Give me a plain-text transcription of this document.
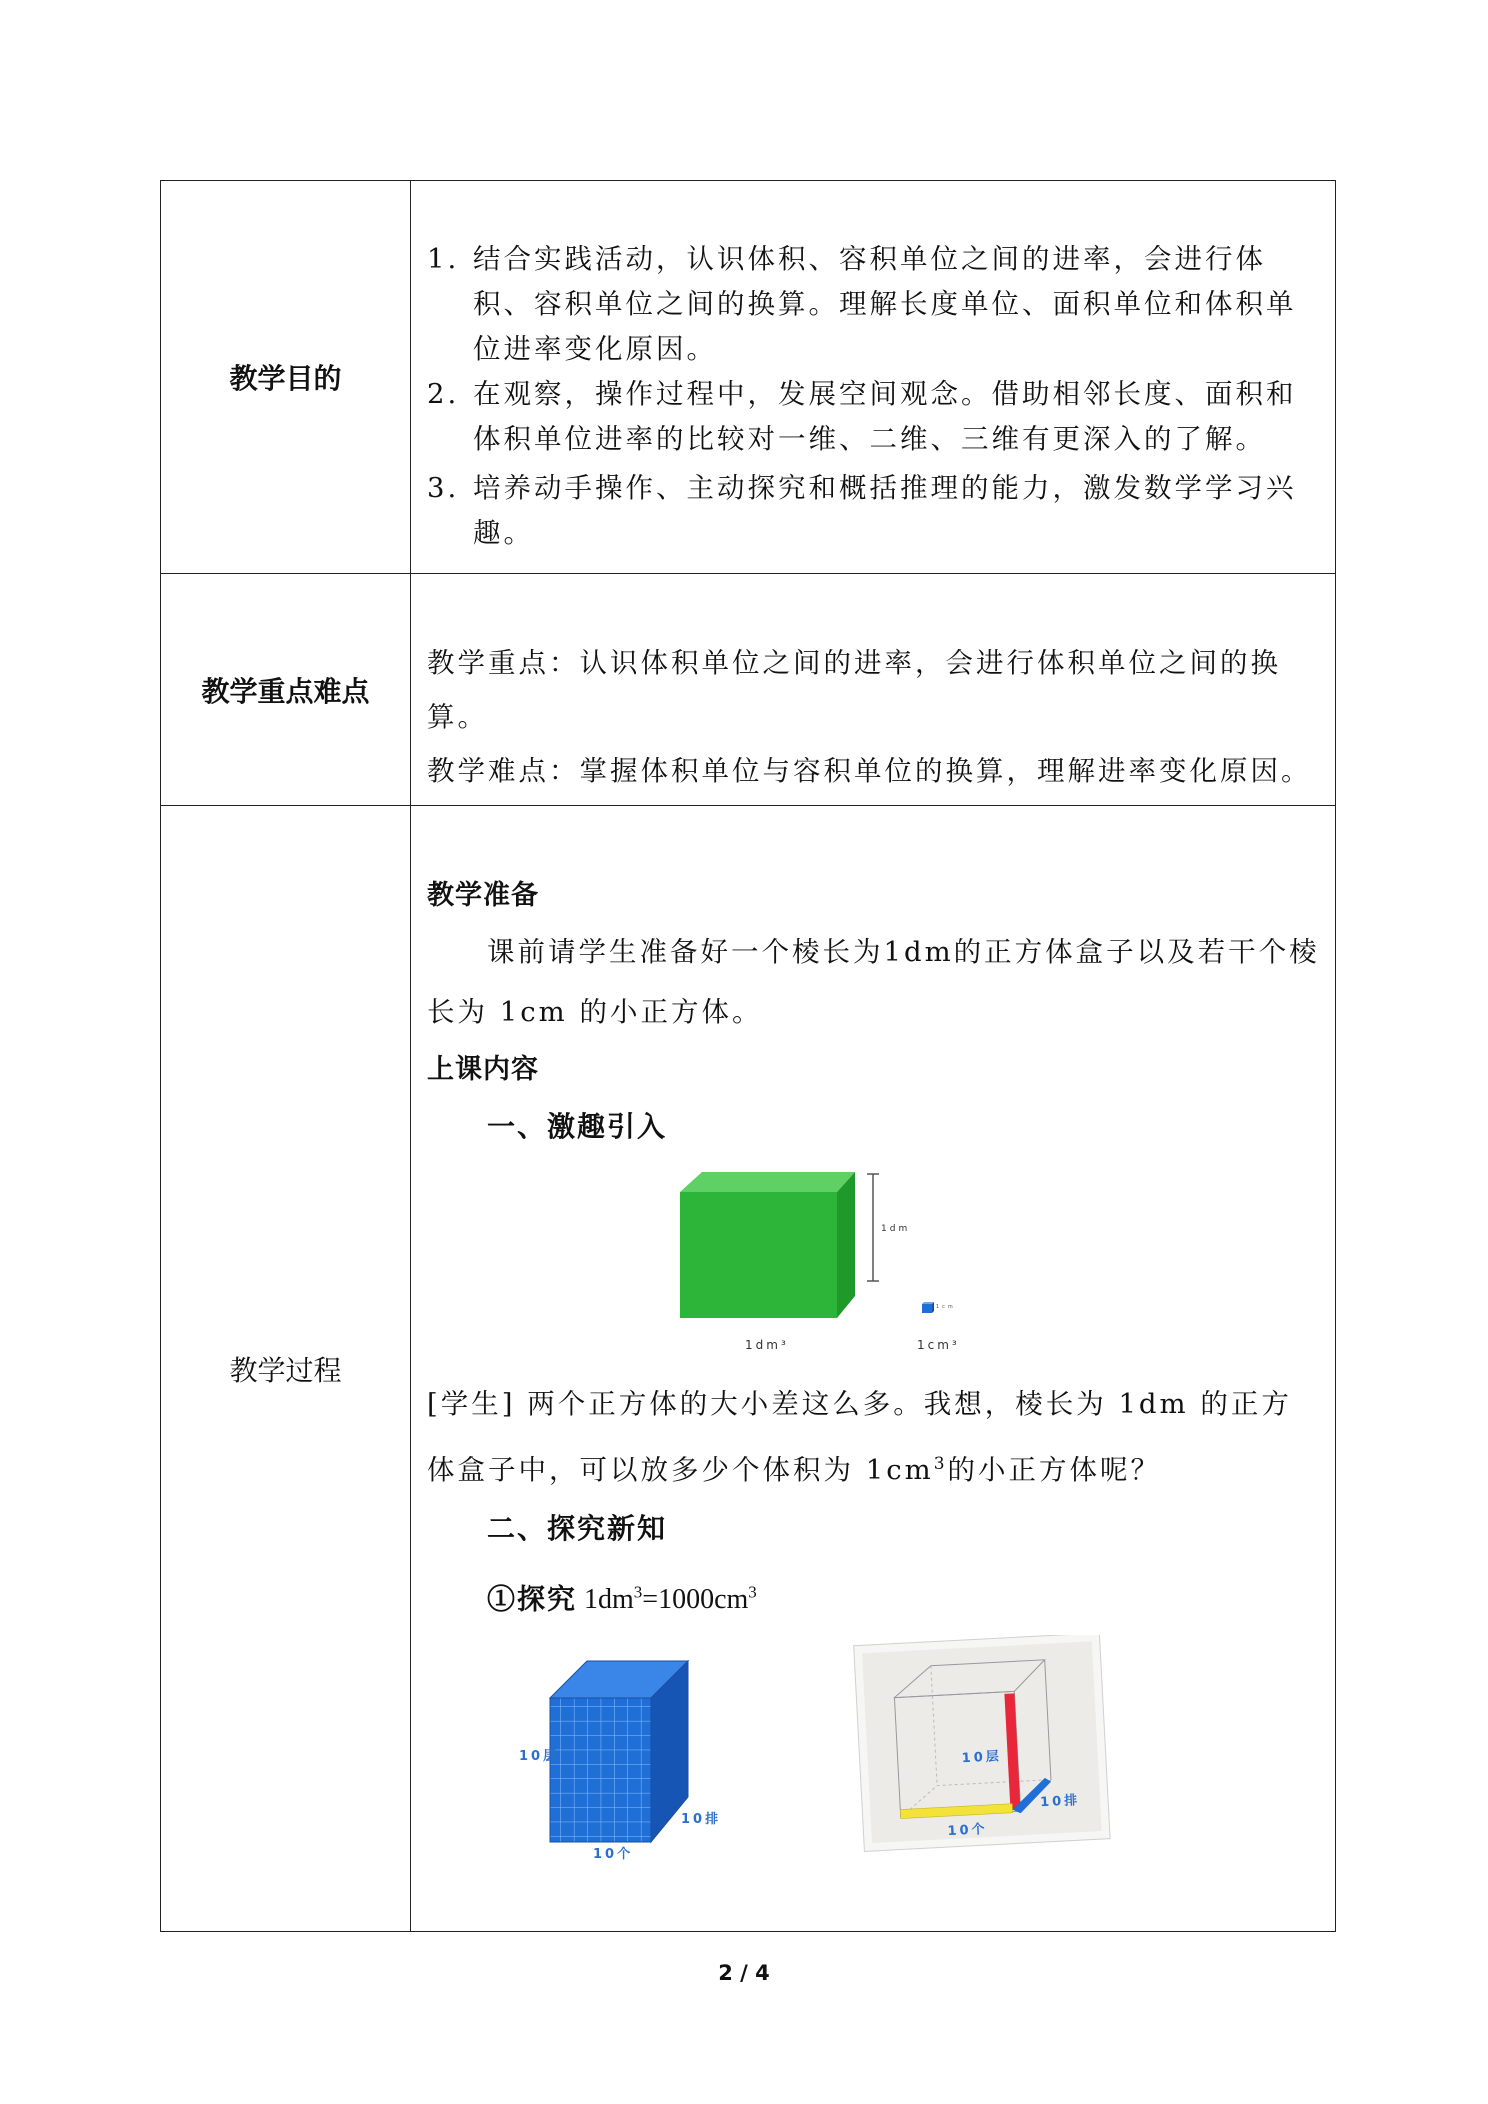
教学目的
1. 结合实践活动，认识体积、容积单位之间的进率，会进行体积、容积单位之间的换算。理解长度单位、面积单位和体积单位进率变化原因。
2. 在观察，操作过程中，发展空间观念。借助相邻长度、面积和体积单位进率的比较对一维、二维、三维有更深入的了解。
3. 培养动手操作、主动探究和概括推理的能力，激发数学学习兴趣。
教学重点难点
教学重点：认识体积单位之间的进率，会进行体积单位之间的换算。
教学难点：掌握体积单位与容积单位的换算，理解进率变化原因。
教学过程
教学准备
课前请学生准备好一个棱长为1dm的正方体盒子以及若干个棱长为 1cm 的小正方体。
上课内容
一、激趣引入
1dm
1cm
1dm³	1cm³
[学生] 两个正方体的大小差这么多。我想，棱长为 1dm 的正方体盒子中，可以放多少个体积为 $1cm^3$的小正方体呢？
二、探究新知
①探究 $1dm^3=1000cm^3$
10层
10排
10个
10层
10排
10个
2 / 4
